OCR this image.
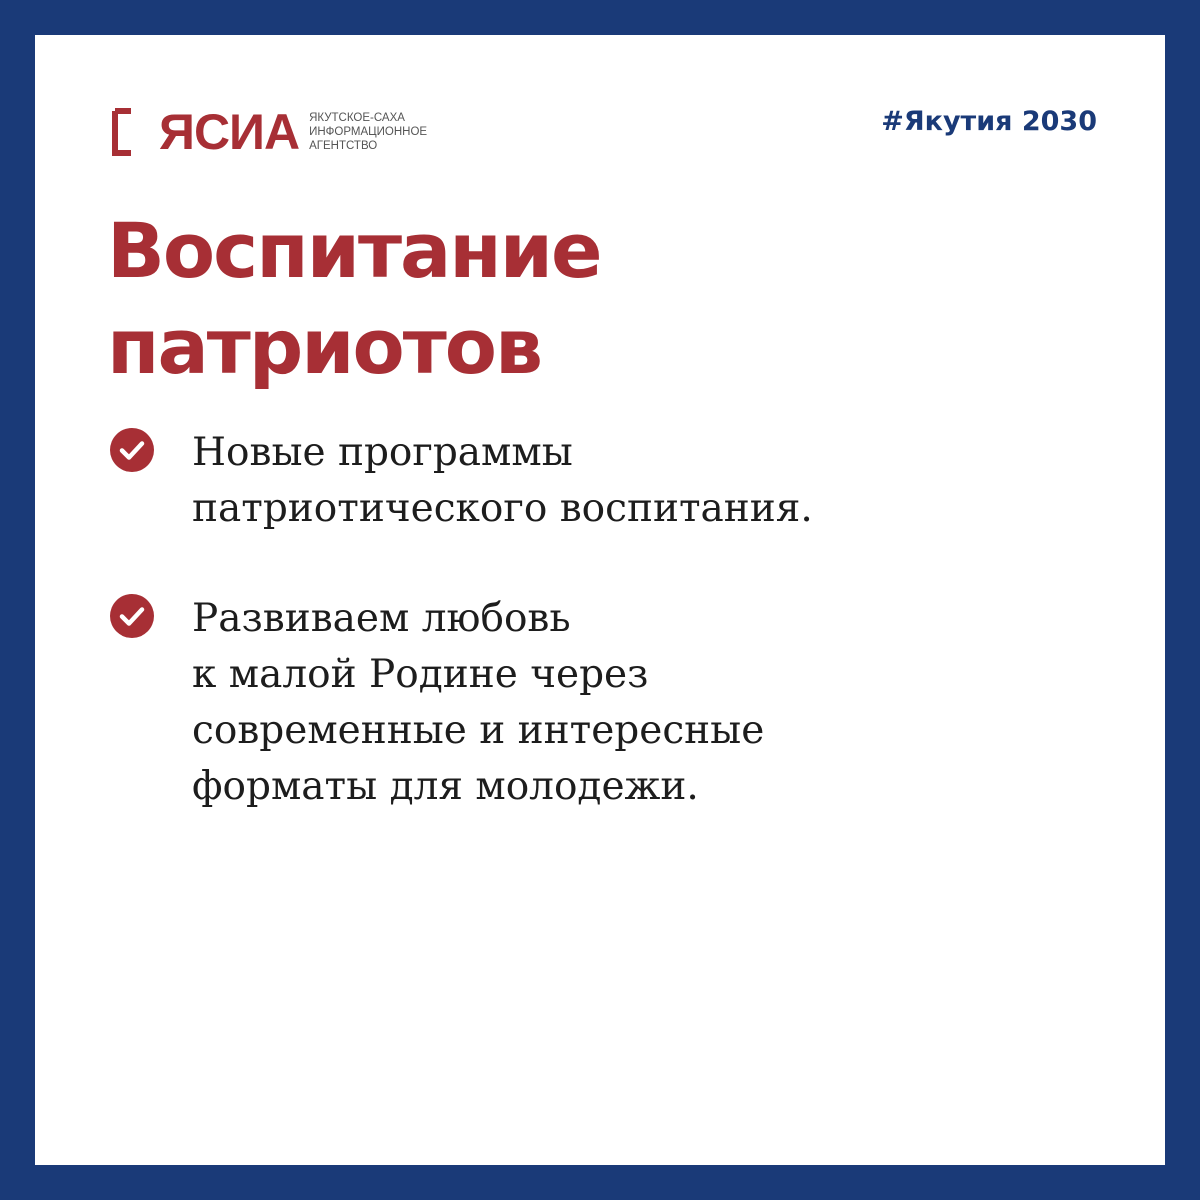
ЯСИА ЯКУТСКОЕ-САХА
ИНФОРМАЦИОННОЕ
АГЕНТСТВО
#Якутия 2030
Воспитание
патриотов
Новые программы
патриотического воспитания.
Развиваем любовь
к малой Родине через
современные и интересные
форматы для молодежи.
